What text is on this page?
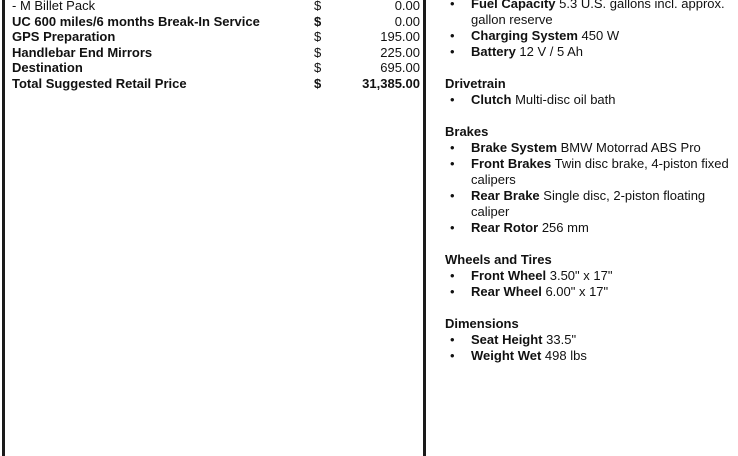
- M Billet Pack	$	0.00
UC 600 miles/6 months Break-In Service	$	0.00
GPS Preparation	$	195.00
Handlebar End Mirrors	$	225.00
Destination	$	695.00
Total Suggested Retail Price	$	31,385.00
• Fuel Capacity 5.3 U.S. gallons incl. approx.
gallon reserve
• Charging System 450 W
• Battery 12 V / 5 Ah
Drivetrain
• Clutch Multi-disc oil bath
Brakes
• Brake System BMW Motorrad ABS Pro
• Front Brakes Twin disc brake, 4-piston fixed
calipers
• Rear Brake Single disc, 2-piston floating
caliper
• Rear Rotor 256 mm
Wheels and Tires
• Front Wheel 3.50" x 17"
• Rear Wheel 6.00" x 17"
Dimensions
• Seat Height 33.5"
• Weight Wet 498 lbs
